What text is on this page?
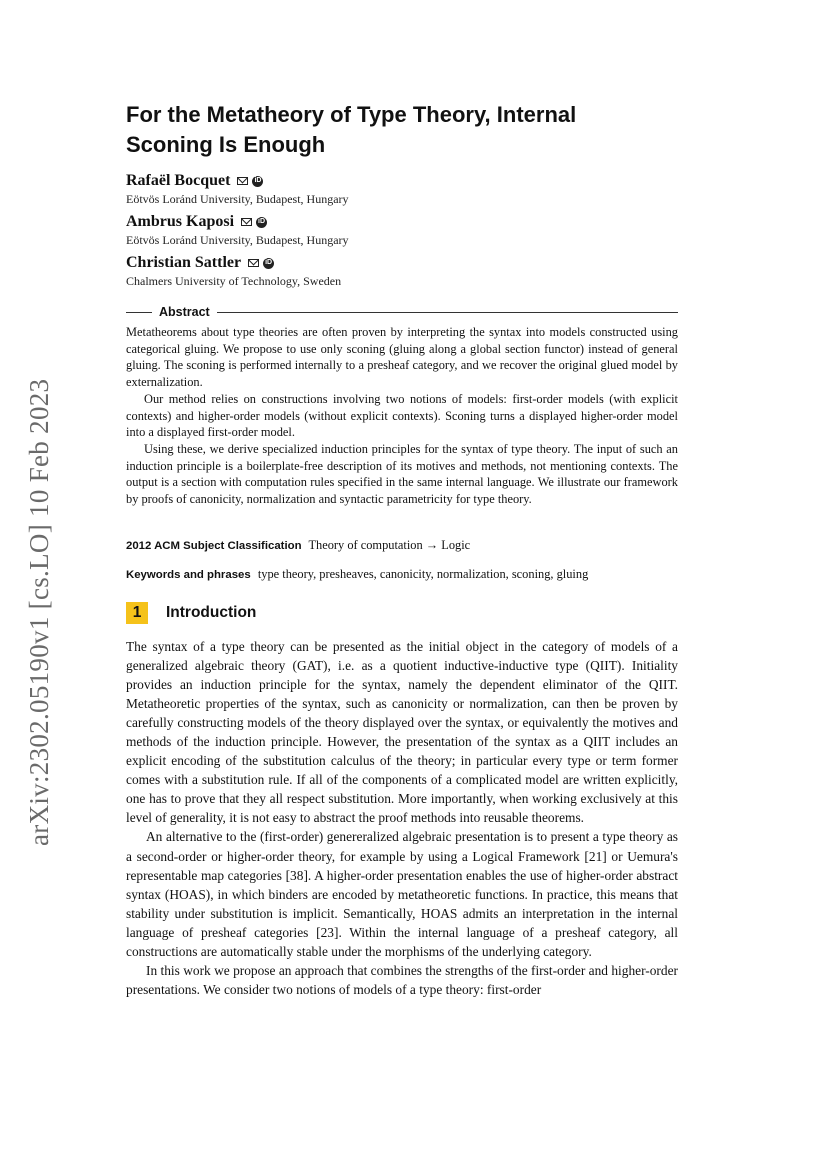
arXiv:2302.05190v1 [cs.LO] 10 Feb 2023
For the Metatheory of Type Theory, Internal
Sconing Is Enough
Rafaël Bocquet	iD
Eötvös Loránd University, Budapest, Hungary
Ambrus Kaposi	iD
Eötvös Loránd University, Budapest, Hungary
Christian Sattler	iD
Chalmers University of Technology, Sweden
Abstract

Metatheorems about type theories are often proven by interpreting the syntax into models constructed using categorical gluing. We propose to use only sconing (gluing along a global section functor) instead of general gluing. The sconing is performed internally to a presheaf category, and we recover the original glued model by externalization.

Our method relies on constructions involving two notions of models: first-order models (with explicit contexts) and higher-order models (without explicit contexts). Sconing turns a displayed higher-order model into a displayed first-order model.

Using these, we derive specialized induction principles for the syntax of type theory. The input of such an induction principle is a boilerplate-free description of its motives and methods, not mentioning contexts. The output is a section with computation rules specified in the same internal language. We illustrate our framework by proofs of canonicity, normalization and syntactic parametricity for type theory.

2012 ACM Subject Classification Theory of computation → Logic
Keywords and phrases type theory, presheaves, canonicity, normalization, sconing, gluing
1	Introduction

The syntax of a type theory can be presented as the initial object in the category of models of a generalized algebraic theory (GAT), i.e. as a quotient inductive-inductive type (QIIT). Initiality provides an induction principle for the syntax, namely the dependent eliminator of the QIIT. Metatheoretic properties of the syntax, such as canonicity or normalization, can then be proven by carefully constructing models of the theory displayed over the syntax, or equivalently the motives and methods of the induction principle. However, the presentation of the syntax as a QIIT includes an explicit encoding of the substitution calculus of the theory; in particular every type or term former comes with a substitution rule. If all of the components of a complicated model are written explicitly, one has to prove that they all respect substitution. More importantly, when working exclusively at this level of generality, it is not easy to abstract the proof methods into reusable theorems.

An alternative to the (first-order) genereralized algebraic presentation is to present a type theory as a second-order or higher-order theory, for example by using a Logical Framework [21] or Uemura's representable map categories [38]. A higher-order presentation enables the use of higher-order abstract syntax (HOAS), in which binders are encoded by metatheoretic functions. In practice, this means that stability under substitution is implicit. Semantically, HOAS admits an interpretation in the internal language of presheaf categories [23]. Within the internal language of a presheaf category, all constructions are automatically stable under the morphisms of the underlying category.

In this work we propose an approach that combines the strengths of the first-order and higher-order presentations. We consider two notions of models of a type theory: first-order
